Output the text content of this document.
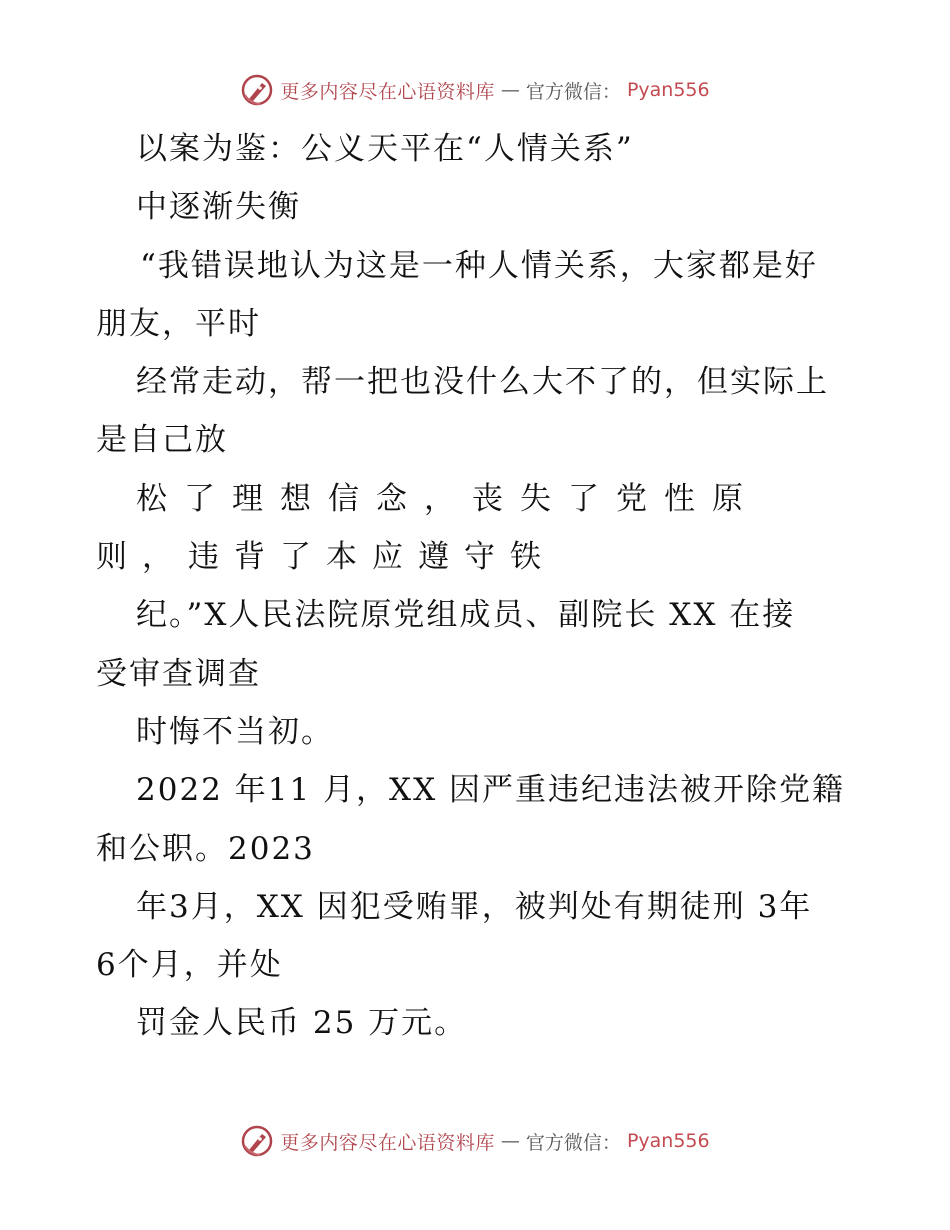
更多内容尽在心语资料库 — 官方微信： Pyan556
以案为鉴：公义天平在“人情关系”
中逐渐失衡
“我错误地认为这是一种人情关系，大家都是好
朋友，平时
经常走动，帮一把也没什么大不了的，但实际上
是自己放
松了理想信念，丧失了党性原
则，违背了本应遵守铁
纪。”X人民法院原党组成员、副院长 XX 在接
受审查调查
时悔不当初。
2022 年11 月，XX 因严重违纪违法被开除党籍
和公职。2023
年3月，XX 因犯受贿罪，被判处有期徒刑 3年
6个月，并处
罚金人民币 25 万元。
更多内容尽在心语资料库 — 官方微信： Pyan556
